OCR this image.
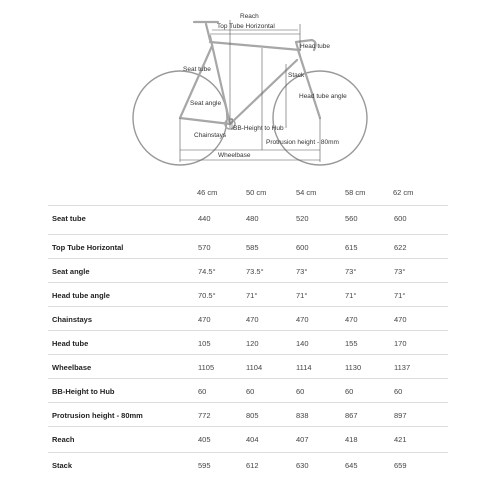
Reach
Top Tube Horizontal
Head tube
Seat tube
Stack
Seat angle
Head tube angle
Chainstays
BB-Height to Hub
Protrusion height - 80mm
Wheelbase
46 cm	50 cm	54 cm	58 cm	62 cm
Seat tube	440	480	520	560	600
Top Tube Horizontal	570	585	600	615	622
Seat angle	74.5°	73.5°	73°	73°	73°
Head tube angle	70.5°	71°	71°	71°	71°
Chainstays	470	470	470	470	470
Head tube	105	120	140	155	170
Wheelbase	1105	1104	1114	1130	1137
BB-Height to Hub	60	60	60	60	60
Protrusion height - 80mm	772	805	838	867	897
Reach	405	404	407	418	421
Stack	595	612	630	645	659
